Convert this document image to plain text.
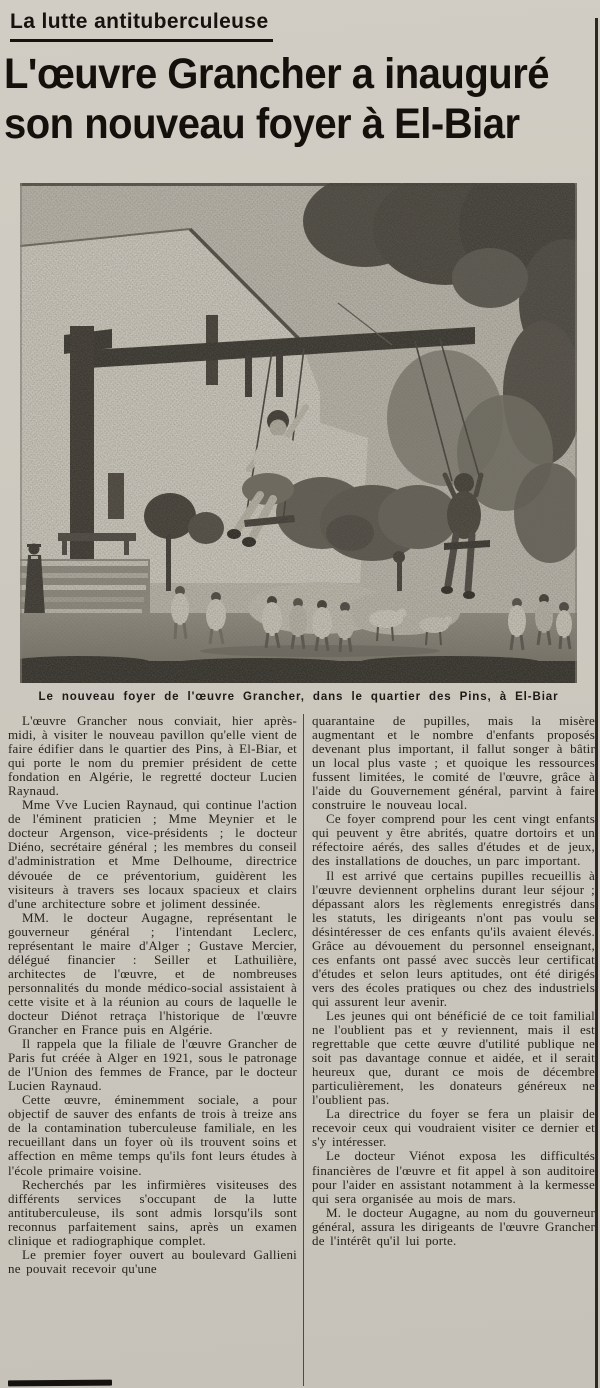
La lutte antituberculeuse
L'œuvre Grancher a inauguré
son nouveau foyer à El-Biar
Le nouveau foyer de l'œuvre Grancher, dans le quartier des Pins, à El-Biar

L'œuvre Grancher nous conviait, hier après-midi, à visiter le nouveau pavillon qu'elle vient de faire édifier dans le quartier des Pins, à El-Biar, et qui porte le nom du premier président de cette fondation en Algérie, le regretté docteur Lucien Raynaud.

Mme Vve Lucien Raynaud, qui continue l'action de l'éminent praticien ; Mme Meynier et le docteur Argenson, vice-présidents ; le docteur Diéno, secrétaire général ; les membres du conseil d'administration et Mme Delhoume, directrice dévouée de ce préventorium, guidèrent les visiteurs à travers ses locaux spacieux et clairs d'une architecture sobre et joliment dessinée.

MM. le docteur Augagne, représentant le gouverneur général ; l'intendant Leclerc, représentant le maire d'Alger ; Gustave Mercier, délégué financier : Seiller et Lathuilière, architectes de l'œuvre, et de nombreuses personnalités du monde médico-social assistaient à cette visite et à la réunion au cours de laquelle le docteur Diénot retraça l'historique de l'œuvre Grancher en France puis en Algérie.

Il rappela que la filiale de l'œuvre Grancher de Paris fut créée à Alger en 1921, sous le patronage de l'Union des femmes de France, par le docteur Lucien Raynaud.

Cette œuvre, éminemment sociale, a pour objectif de sauver des enfants de trois à treize ans de la contamination tuberculeuse familiale, en les recueillant dans un foyer où ils trouvent soins et affection en même temps qu'ils font leurs études à l'école primaire voisine.

Recherchés par les infirmières visiteuses des différents services s'occupant de la lutte antituberculeuse, ils sont admis lorsqu'ils sont reconnus parfaitement sains, après un examen clinique et radiographique complet.

Le premier foyer ouvert au boulevard Gallieni ne pouvait recevoir qu'une

quarantaine de pupilles, mais la misère augmentant et le nombre d'enfants proposés devenant plus important, il fallut songer à bâtir un local plus vaste ; et quoique les ressources fussent limitées, le comité de l'œuvre, grâce à l'aide du Gouvernement général, parvint à faire construire le nouveau local.

Ce foyer comprend pour les cent vingt enfants qui peuvent y être abrités, quatre dortoirs et un réfectoire aérés, des salles d'études et de jeux, des installations de douches, un parc important.

Il est arrivé que certains pupilles recueillis à l'œuvre deviennent orphelins durant leur séjour ; dépassant alors les règlements enregistrés dans les statuts, les dirigeants n'ont pas voulu se désintéresser de ces enfants qu'ils avaient élevés. Grâce au dévouement du personnel enseignant, ces enfants ont passé avec succès leur certificat d'études et selon leurs aptitudes, ont été dirigés vers des écoles pratiques ou chez des industriels qui assurent leur avenir.

Les jeunes qui ont bénéficié de ce toit familial ne l'oublient pas et y reviennent, mais il est regrettable que cette œuvre d'utilité publique ne soit pas davantage connue et aidée, et il serait heureux que, durant ce mois de décembre particulièrement, les donateurs généreux ne l'oublient pas.

La directrice du foyer se fera un plaisir de recevoir ceux qui voudraient visiter ce dernier et s'y intéresser.

Le docteur Viénot exposa les difficultés financières de l'œuvre et fit appel à son auditoire pour l'aider en assistant notamment à la kermesse qui sera organisée au mois de mars.

M. le docteur Augagne, au nom du gouverneur général, assura les dirigeants de l'œuvre Grancher de l'intérêt qu'il lui porte.
